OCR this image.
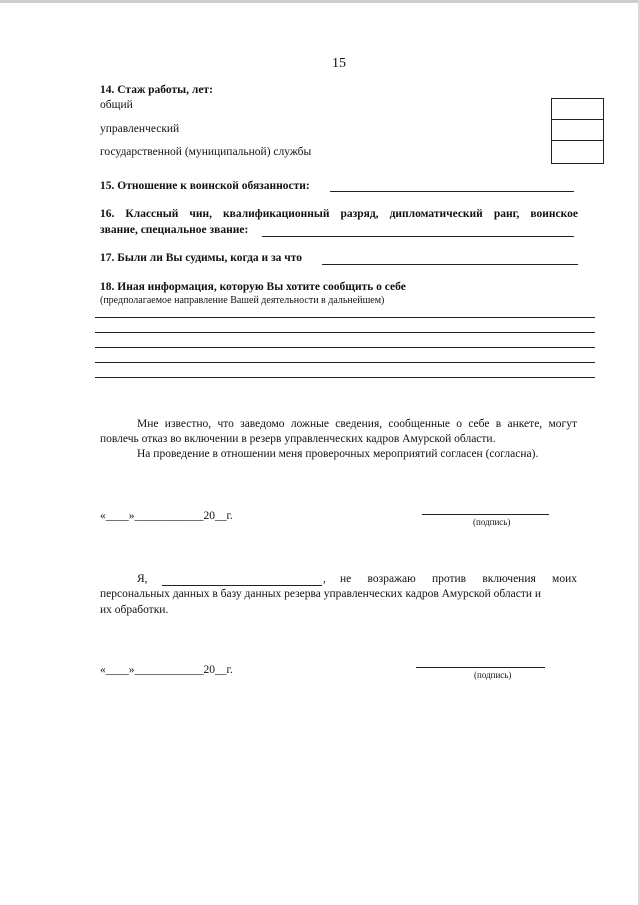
15
14. Стаж работы, лет:
общий
управленческий
государственной (муниципальной) службы
15. Отношение к воинской обязанности:
16. Классный чин, квалификационный разряд, дипломатический ранг, воинское
звание, специальное звание:
17. Были ли Вы судимы, когда и за что
18. Иная информация, которую Вы хотите сообщить о себе
(предполагаемое направление Вашей деятельности в дальнейшем)
Мне известно, что заведомо ложные сведения, сообщенные о себе в анкете, могут
повлечь отказ во включении в резерв управленческих кадров Амурской области.
На проведение в отношении меня проверочных мероприятий согласен (согласна).
«____»____________20__г.	(подпись)
Я,	, не возражаю против включения моих
персональных данных в базу данных резерва управленческих кадров Амурской области и
их обработки.
«____»____________20__г.	(подпись)
